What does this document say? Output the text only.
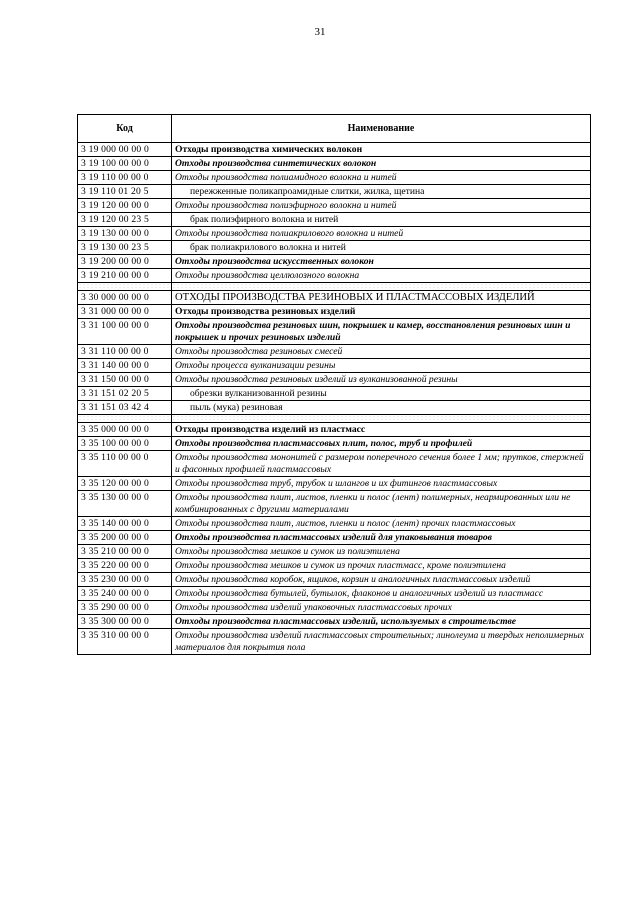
31
Код	Наименование
3 19 000 00 00 0	Отходы производства химических волокон
3 19 100 00 00 0	Отходы производства синтетических волокон
3 19 110 00 00 0	Отходы производства полиамидного волокна и нитей
3 19 110 01 20 5	пережженные поликапроамидные слитки, жилка, щетина
3 19 120 00 00 0	Отходы производства полиэфирного волокна и нитей
3 19 120 00 23 5	брак полиэфирного волокна и нитей
3 19 130 00 00 0	Отходы производства полиакрилового волокна и нитей
3 19 130 00 23 5	брак полиакрилового волокна и нитей
3 19 200 00 00 0	Отходы производства искусственных волокон
3 19 210 00 00 0	Отходы производства целлюлозного волокна

3 30 000 00 00 0	ОТХОДЫ ПРОИЗВОДСТВА РЕЗИНОВЫХ И ПЛАСТМАССОВЫХ ИЗДЕЛИЙ
3 31 000 00 00 0	Отходы производства резиновых изделий
3 31 100 00 00 0	Отходы производства резиновых шин, покрышек и камер, восстановления резиновых шин и покрышек и прочих резиновых изделий
3 31 110 00 00 0	Отходы производства резиновых смесей
3 31 140 00 00 0	Отходы процесса вулканизации резины
3 31 150 00 00 0	Отходы производства резиновых изделий из вулканизованной резины
3 31 151 02 20 5	обрезки вулканизованной резины
3 31 151 03 42 4	пыль (мука) резиновая

3 35 000 00 00 0	Отходы производства изделий из пластмасс
3 35 100 00 00 0	Отходы производства пластмассовых плит, полос, труб и профилей
3 35 110 00 00 0	Отходы производства мононитей с размером поперечного сечения более 1 мм; прутков, стержней и фасонных профилей пластмассовых
3 35 120 00 00 0	Отходы производства труб, трубок и шлангов и их фитингов пластмассовых
3 35 130 00 00 0	Отходы производства плит, листов, пленки и полос (лент) полимерных, неармированных или не комбинированных с другими материалами
3 35 140 00 00 0	Отходы производства плит, листов, пленки и полос (лент) прочих пластмассовых
3 35 200 00 00 0	Отходы производства пластмассовых изделий для упаковывания товаров
3 35 210 00 00 0	Отходы производства мешков и сумок из полиэтилена
3 35 220 00 00 0	Отходы производства мешков и сумок из прочих пластмасс, кроме полиэтилена
3 35 230 00 00 0	Отходы производства коробок, ящиков, корзин и аналогичных пластмассовых изделий
3 35 240 00 00 0	Отходы производства бутылей, бутылок, флаконов и аналогичных изделий из пластмасс
3 35 290 00 00 0	Отходы производства изделий упаковочных пластмассовых прочих
3 35 300 00 00 0	Отходы производства пластмассовых изделий, используемых в строительстве
3 35 310 00 00 0	Отходы производства изделий пластмассовых строительных; линолеума и твердых неполимерных материалов для покрытия пола
